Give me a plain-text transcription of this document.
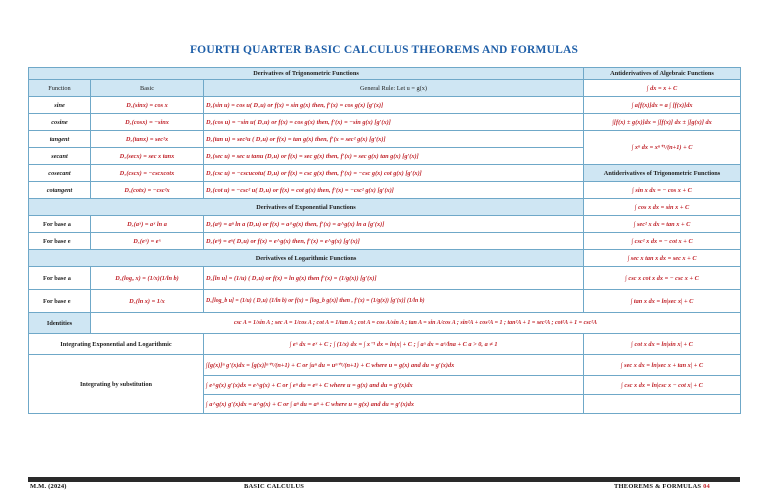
FOURTH QUARTER BASIC CALCULUS THEOREMS AND FORMULAS
Derivatives of Trigonometric Functions			Antiderivatives of Algebraic Functions
Function	Basic	General Rule: Let u = g(x)	∫ dx = x + C
sine	Dₓ(sinx) = cos x	Dₓ(sin u) = cos u( Dₓu) or f(x) = sin g(x) then, f′(x) = cos g(x) [g′(x)]	∫ a[f(x)]dx = a ∫ [f(x)]dx
cosine	Dₓ(cosx) = −sinx	Dₓ(cos u) = −sin u( Dₓu) or f(x) = cos g(x) then, f′(x) = −sin g(x) [g′(x)]	∫[f(x) ± g(x)]dx = ∫[f(x)] dx ± ∫[g(x)] dx
tangent	Dₓ(tanx) = sec²x	Dₓ(tan u) = sec²u ( Dₓu) or f(x) = tan g(x) then, f′(x = sec² g(x) [g′(x)]	∫ xⁿ dx = xⁿ⁺¹/(n+1) + C
secant	Dₓ(secx) = sec x tanx	Dₓ(sec u) = sec u tanu (Dₓu) or f(x) = sec g(x) then, f′(x) = sec g(x) tan g(x) [g′(x)]	
cosecant	Dₓ(cscx) = −cscxcotx	Dₓ(csc u) = −cscucotu( Dₓu) or f(x) = csc g(x) then, f′(x) = −csc g(x) cot g(x) [g′(x)]	Antiderivatives of Trigonometric Functions
cotangent	Dₓ(cotx) = −csc²x	Dₓ(cot u) = −csc² u( Dₓu) or f(x) = cot g(x) then, f′(x) = −csc² g(x) [g′(x)]	∫ sin x dx = − cos x + C
Derivatives of Exponential Functions			∫ cos x dx = sin x + C
For base a	Dₓ(aˣ) = aˣ ln a	Dₓ(aᵘ) = aᵘ ln a (Dₓu) or f(x) = a^g(x) then, f′(x) = a^g(x) ln a [g′(x)]	∫ sec² x dx = tan x + C
For base e	Dₓ(eˣ) = eˣ	Dₓ(eᵘ) = eᵘ( Dₓu) or f(x) = e^g(x) then, f′(x) = e^g(x) [g′(x)]	∫ csc² x dx = − cot x + C
Derivatives of Logarithmic Functions			∫ sec x tan x dx = sec x + C
For base a	Dₓ(logₐ x) = (1/x)(1/ln b)	Dₓ[ln u] = (1/u) ( Dₓu) or f(x) = ln g(x) then f′(x) = (1/g(x)) [g′(x)]	∫ csc x cot x dx = − csc x + C
For base e	Dₓ(ln x) = 1/x	Dₓ[log_b u] = (1/u) ( Dₓu) (1/ln b) or f(x) = [log_b g(x)] then , f′(x) = (1/g(x)) [g′(x)] (1/ln b)	∫ tan x dx = ln|sec x| + C
Identities	csc A = 1/sin A ; sec A = 1/cos A ; cot A = 1/tan A ; cot A = cos A/sin A ; tan A = sin A/cos A ; sin²A + cos²A = 1 ; tan²A + 1 = sec²A ; cot²A + 1 = csc²A		
Integrating Exponential and Logarithmic		∫ eˣ dx = eˣ + C ; ∫ (1/x) dx = ∫ x⁻¹ dx = ln|x| + C ; ∫ aˣ dx = aˣ/lna + C a > 0, a ≠ 1	∫ cot x dx = ln|sin x| + C
Integrating by substitution		∫[g(x)]ⁿ g′(x)dx = [g(x)]ⁿ⁺¹/(n+1) + C or ∫uⁿ du = uⁿ⁺¹/(n+1) + C where u = g(x) and du = g′(x)dx	∫ sec x dx = ln|sec x + tan x| + C
		∫ e^g(x) g′(x)dx = e^g(x) + C or ∫ eᵘ du = eᵘ + C where u = g(x) and du = g′(x)dx	∫ csc x dx = ln|csc x − cot x| + C
		∫ a^g(x) g′(x)dx = a^g(x) + C or ∫ aᵘ du = aᵘ + C where u = g(x) and du = g′(x)dx	
M.M. (2024)	BASIC CALCULUS	THEOREMS & FORMULAS 04
